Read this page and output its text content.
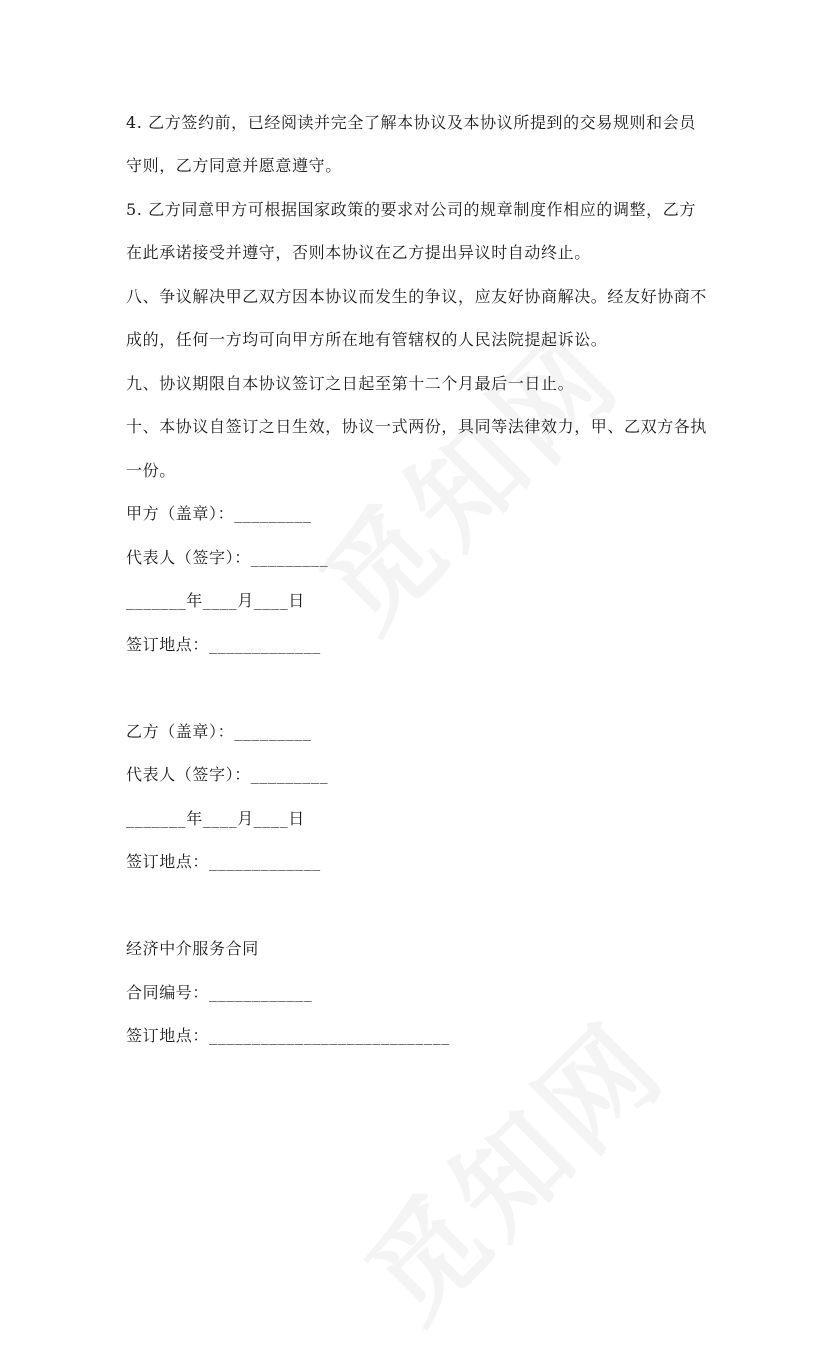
4. 乙方签约前，已经阅读并完全了解本协议及本协议所提到的交易规则和会员
守则，乙方同意并愿意遵守。
5. 乙方同意甲方可根据国家政策的要求对公司的规章制度作相应的调整，乙方
在此承诺接受并遵守，否则本协议在乙方提出异议时自动终止。
八、争议解决甲乙双方因本协议而发生的争议，应友好协商解决。经友好协商不
成的，任何一方均可向甲方所在地有管辖权的人民法院提起诉讼。
九、协议期限自本协议签订之日起至第十二个月最后一日止。
十、本协议自签订之日生效，协议一式两份，具同等法律效力，甲、乙双方各执
一份。
甲方（盖章）：_________
代表人（签字）：_________
_______年____月____日
签订地点：_____________
乙方（盖章）：_________
代表人（签字）：_________
_______年____月____日
签订地点：_____________
经济中介服务合同
合同编号：____________
签订地点：____________________________
